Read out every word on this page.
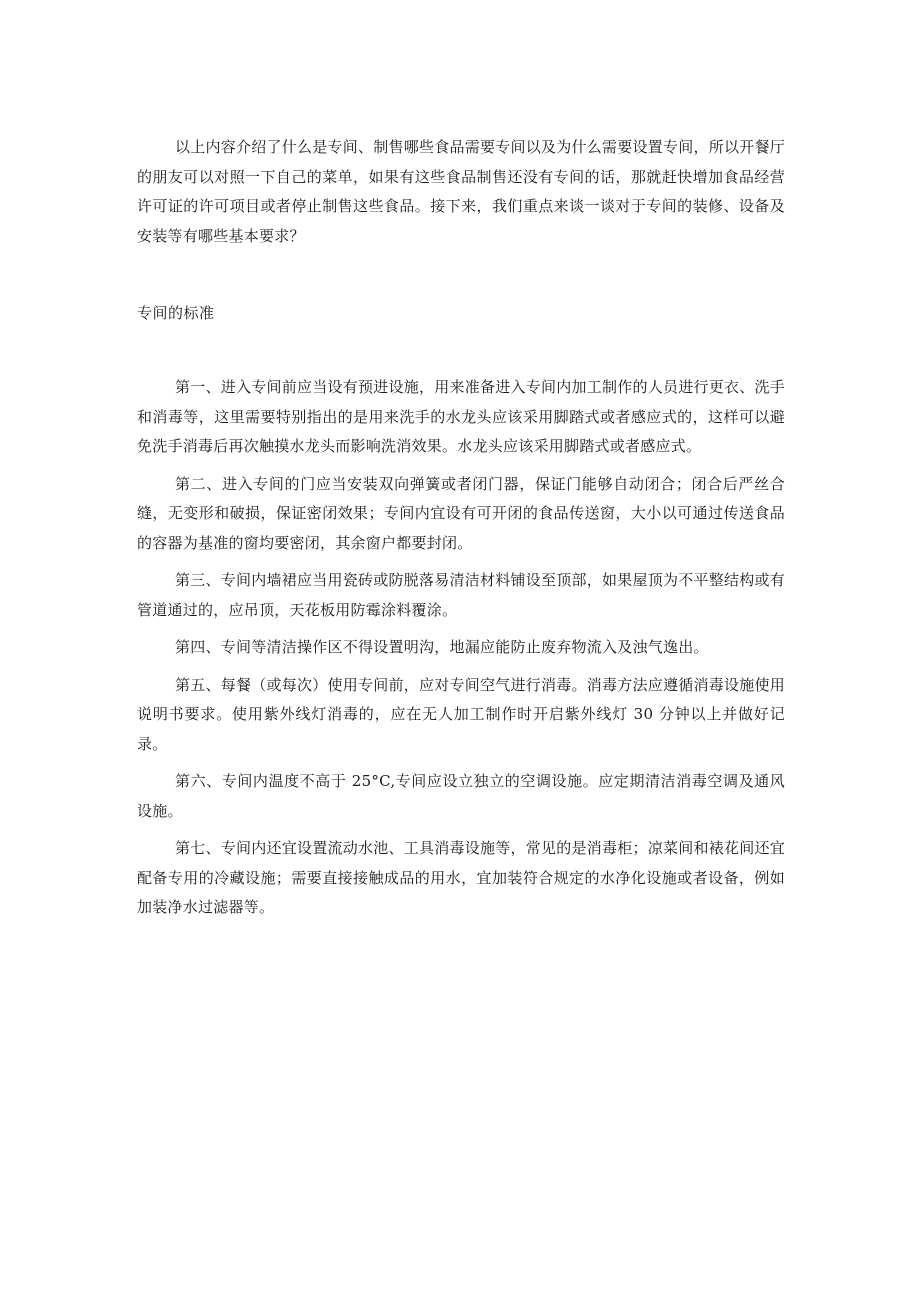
以上内容介绍了什么是专间、制售哪些食品需要专间以及为什么需要设置专间，所以开餐厅的朋友可以对照一下自己的菜单，如果有这些食品制售还没有专间的话，那就赶快增加食品经营许可证的许可项目或者停止制售这些食品。接下来，我们重点来谈一谈对于专间的装修、设备及安装等有哪些基本要求？

专间的标准

第一、进入专间前应当设有预进设施，用来准备进入专间内加工制作的人员进行更衣、洗手和消毒等，这里需要特别指出的是用来洗手的水龙头应该采用脚踏式或者感应式的，这样可以避免洗手消毒后再次触摸水龙头而影响洗消效果。水龙头应该采用脚踏式或者感应式。

第二、进入专间的门应当安装双向弹簧或者闭门器，保证门能够自动闭合；闭合后严丝合缝，无变形和破损，保证密闭效果；专间内宜设有可开闭的食品传送窗，大小以可通过传送食品的容器为基准的窗均要密闭，其余窗户都要封闭。

第三、专间内墙裙应当用瓷砖或防脱落易清洁材料铺设至顶部，如果屋顶为不平整结构或有管道通过的，应吊顶，天花板用防霉涂料覆涂。

第四、专间等清洁操作区不得设置明沟，地漏应能防止废弃物流入及浊气逸出。

第五、每餐（或每次）使用专间前，应对专间空气进行消毒。消毒方法应遵循消毒设施使用说明书要求。使用紫外线灯消毒的，应在无人加工制作时开启紫外线灯 30 分钟以上并做好记录。

第六、专间内温度不高于 25°C,专间应设立独立的空调设施。应定期清洁消毒空调及通风设施。

第七、专间内还宜设置流动水池、工具消毒设施等，常见的是消毒柜；凉菜间和裱花间还宜配备专用的冷藏设施；需要直接接触成品的用水，宜加装符合规定的水净化设施或者设备，例如加装净水过滤器等。
